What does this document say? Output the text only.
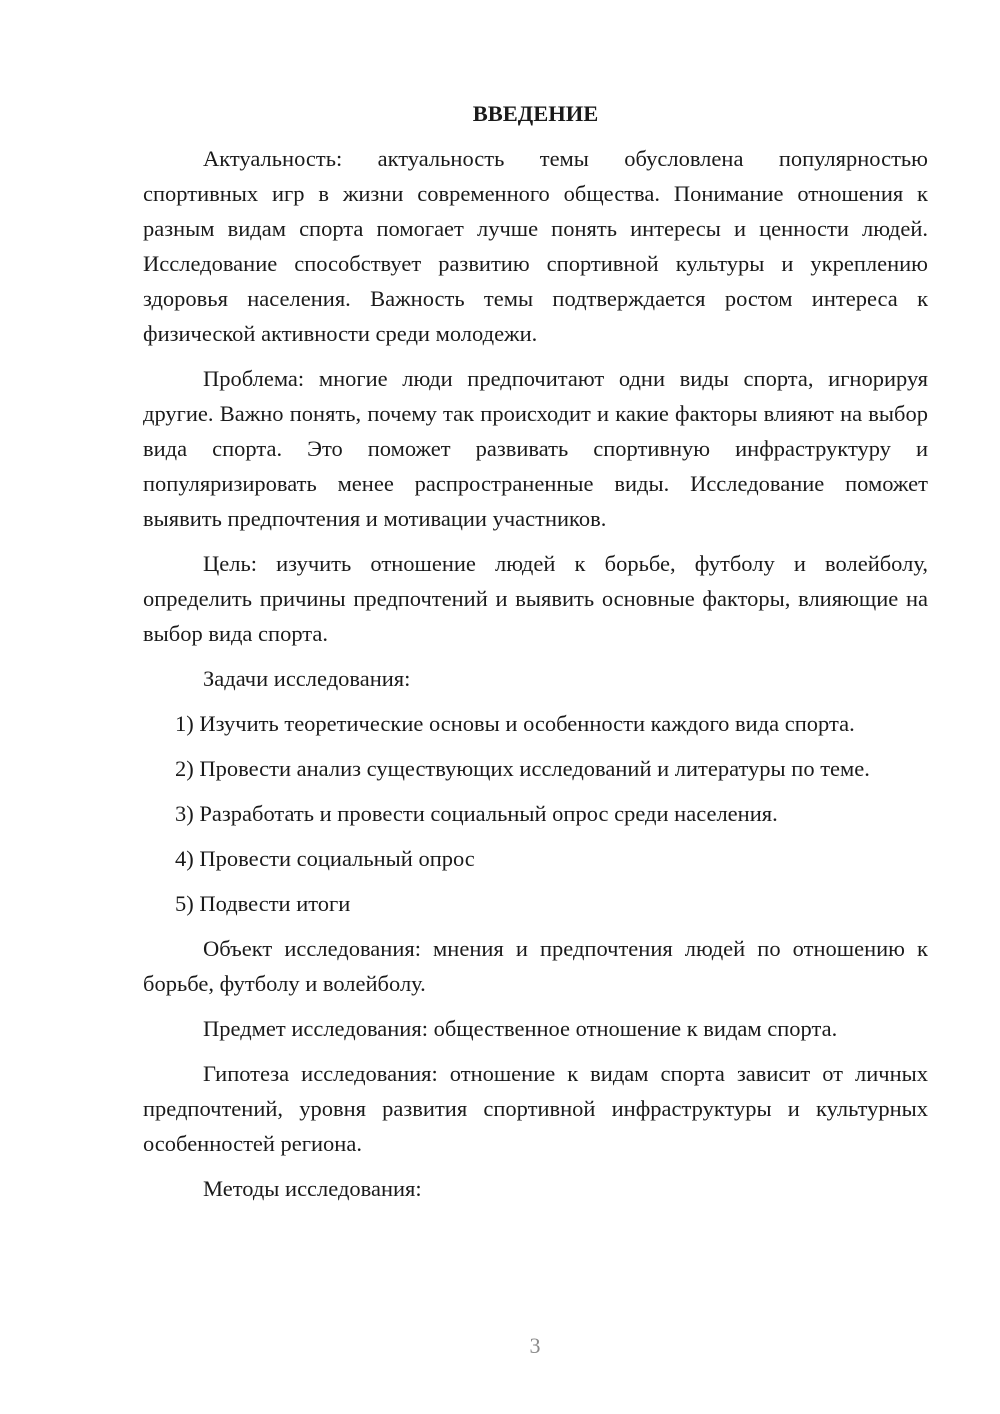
ВВЕДЕНИЕ

Актуальность: актуальность темы обусловлена популярностью спортивных игр в жизни современного общества. Понимание отношения к разным видам спорта помогает лучше понять интересы и ценности людей. Исследование способствует развитию спортивной культуры и укреплению здоровья населения. Важность темы подтверждается ростом интереса к физической активности среди молодежи.

Проблема: многие люди предпочитают одни виды спорта, игнорируя другие. Важно понять, почему так происходит и какие факторы влияют на выбор вида спорта. Это поможет развивать спортивную инфраструктуру и популяризировать менее распространенные виды. Исследование поможет выявить предпочтения и мотивации участников.

Цель: изучить отношение людей к борьбе, футболу и волейболу, определить причины предпочтений и выявить основные факторы, влияющие на выбор вида спорта.

Задачи исследования:

1) Изучить теоретические основы и особенности каждого вида спорта.

2) Провести анализ существующих исследований и литературы по теме.

3) Разработать и провести социальный опрос среди населения.

4) Провести социальный опрос

5) Подвести итоги

Объект исследования: мнения и предпочтения людей по отношению к борьбе, футболу и волейболу.

Предмет исследования: общественное отношение к видам спорта.

Гипотеза исследования: отношение к видам спорта зависит от личных предпочтений, уровня развития спортивной инфраструктуры и культурных особенностей региона.

Методы исследования:

3
